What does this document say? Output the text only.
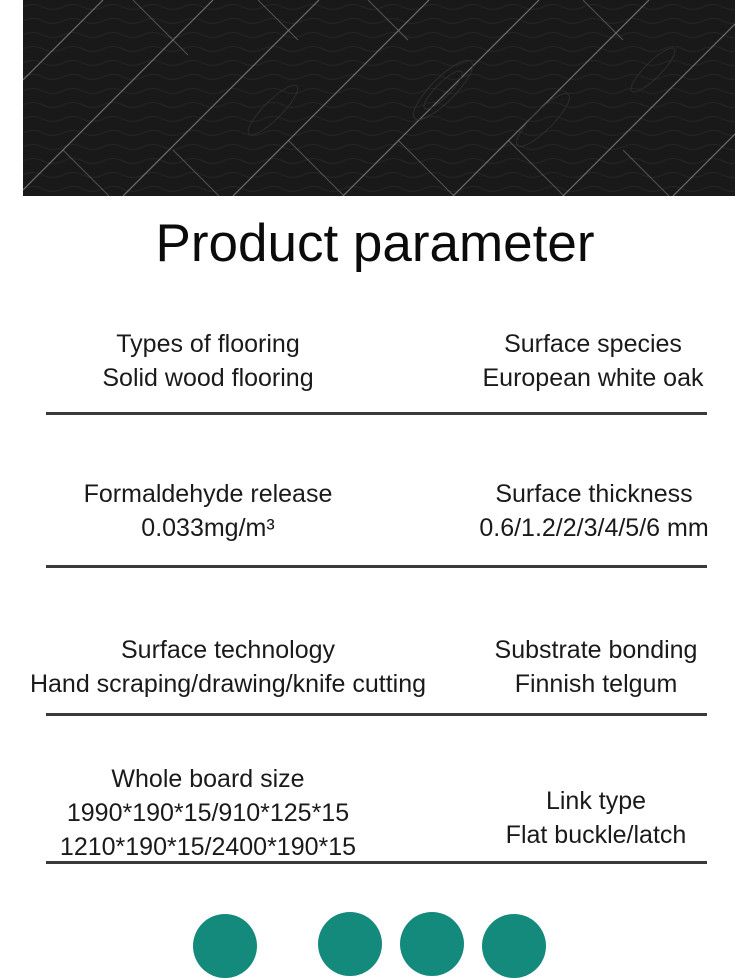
Product parameter
Types of flooring
Solid wood flooring
Surface species
European white oak
Formaldehyde release
0.033mg/m³
Surface thickness
0.6/1.2/2/3/4/5/6 mm
Surface technology
Hand scraping/drawing/knife cutting
Substrate bonding
Finnish telgum
Whole board size
1990*190*15/910*125*15
1210*190*15/2400*190*15
Link type
Flat buckle/latch
